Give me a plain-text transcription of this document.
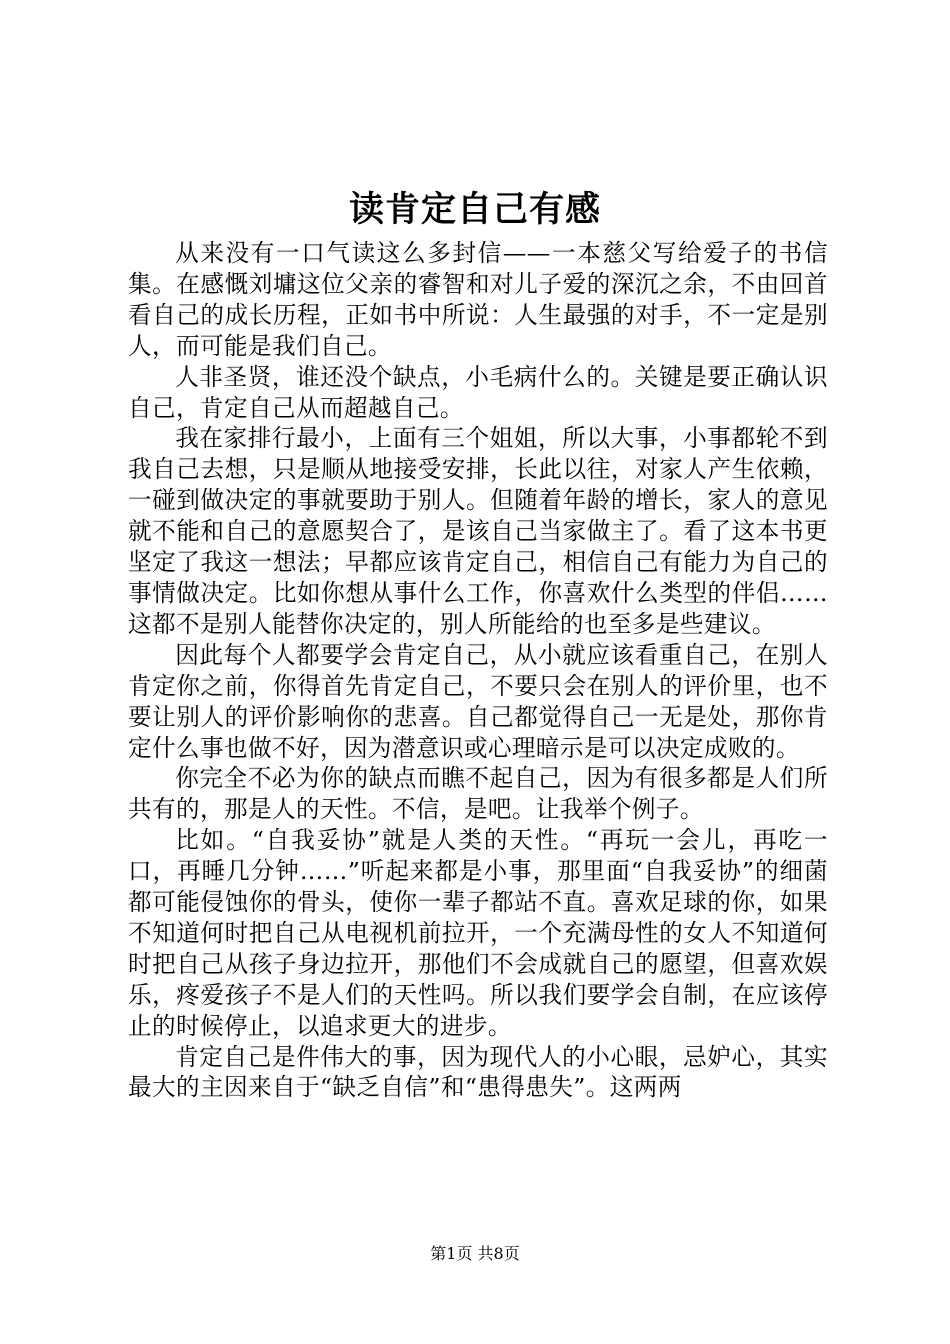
读肯定自己有感

从来没有一口气读这么多封信——一本慈父写给爱子的书信集。在感慨刘墉这位父亲的睿智和对儿子爱的深沉之余，不由回首看自己的成长历程，正如书中所说：人生最强的对手，不一定是别人，而可能是我们自己。

人非圣贤，谁还没个缺点，小毛病什么的。关键是要正确认识自己，肯定自己从而超越自己。

我在家排行最小，上面有三个姐姐，所以大事，小事都轮不到我自己去想，只是顺从地接受安排，长此以往，对家人产生依赖，一碰到做决定的事就要助于别人。但随着年龄的增长，家人的意见就不能和自己的意愿契合了，是该自己当家做主了。看了这本书更坚定了我这一想法；早都应该肯定自己，相信自己有能力为自己的事情做决定。比如你想从事什么工作，你喜欢什么类型的伴侣……这都不是别人能替你决定的，别人所能给的也至多是些建议。

因此每个人都要学会肯定自己，从小就应该看重自己，在别人肯定你之前，你得首先肯定自己，不要只会在别人的评价里，也不要让别人的评价影响你的悲喜。自己都觉得自己一无是处，那你肯定什么事也做不好，因为潜意识或心理暗示是可以决定成败的。

你完全不必为你的缺点而瞧不起自己，因为有很多都是人们所共有的，那是人的天性。不信，是吧。让我举个例子。

比如。“自我妥协”就是人类的天性。“再玩一会儿，再吃一口，再睡几分钟……”听起来都是小事，那里面“自我妥协”的细菌都可能侵蚀你的骨头，使你一辈子都站不直。喜欢足球的你，如果不知道何时把自己从电视机前拉开，一个充满母性的女人不知道何时把自己从孩子身边拉开，那他们不会成就自己的愿望，但喜欢娱乐，疼爱孩子不是人们的天性吗。所以我们要学会自制，在应该停止的时候停止，以追求更大的进步。

肯定自己是件伟大的事，因为现代人的小心眼，忌妒心，其实最大的主因来自于“缺乏自信”和“患得患失”。这两两

第1页 共8页
